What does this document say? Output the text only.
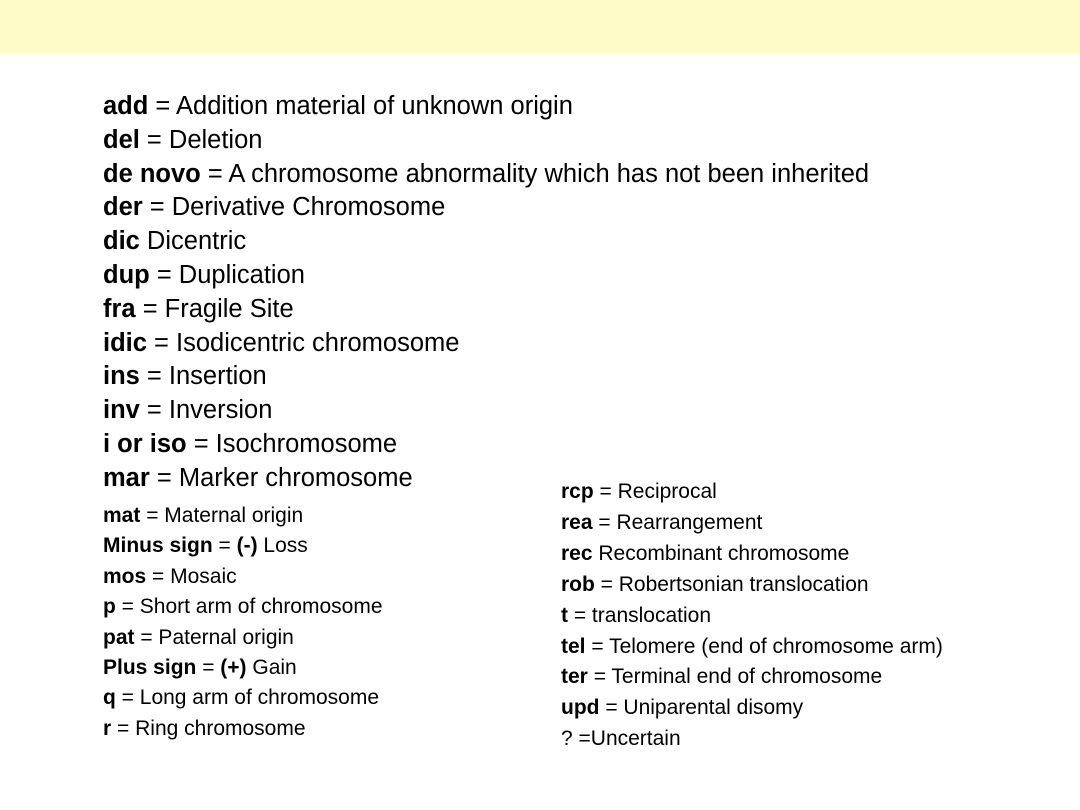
add = Addition material of unknown origin
del = Deletion
de novo = A chromosome abnormality which has not been inherited
der = Derivative Chromosome
dic Dicentric
dup = Duplication
fra = Fragile Site
idic = Isodicentric chromosome
ins = Insertion
inv = Inversion
i or iso = Isochromosome
mar = Marker chromosome
mat = Maternal origin
Minus sign = (-) Loss
mos = Mosaic
p = Short arm of chromosome
pat = Paternal origin
Plus sign = (+) Gain
q = Long arm of chromosome
r = Ring chromosome
rcp = Reciprocal
rea = Rearrangement
rec Recombinant chromosome
rob = Robertsonian translocation
t = translocation
tel = Telomere (end of chromosome arm)
ter = Terminal end of chromosome
upd = Uniparental disomy
? =Uncertain
